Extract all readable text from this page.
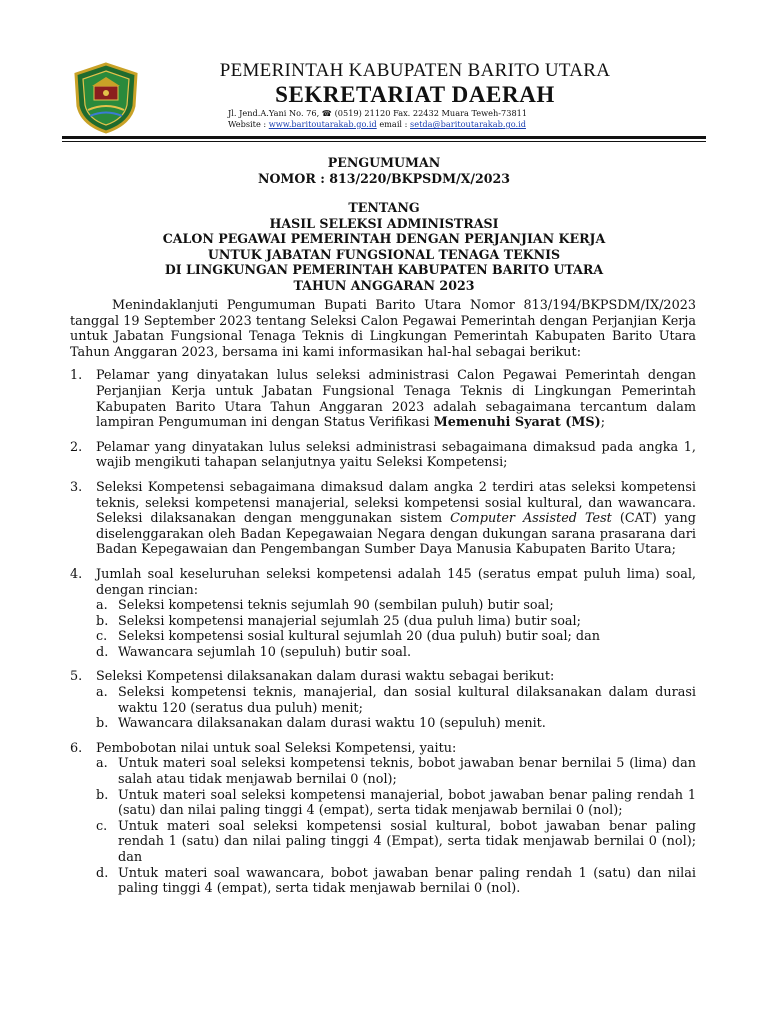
PEMERINTAH KABUPATEN BARITO UTARA
SEKRETARIAT DAERAH
Jl. Jend.A.Yani No. 76, ☎ (0519) 21120 Fax. 22432 Muara Teweh-73811
Website : www.baritoutarakab.go.id email : setda@baritoutarakab.go.id
PENGUMUMAN
NOMOR : 813/220/BKPSDM/X/2023
TENTANG
HASIL SELEKSI ADMINISTRASI
CALON PEGAWAI PEMERINTAH DENGAN PERJANJIAN KERJA
UNTUK JABATAN FUNGSIONAL TENAGA TEKNIS
DI LINGKUNGAN PEMERINTAH KABUPATEN BARITO UTARA
TAHUN ANGGARAN 2023

Menindaklanjuti Pengumuman Bupati Barito Utara Nomor 813/194/BKPSDM/IX/2023 tanggal 19 September 2023 tentang Seleksi Calon Pegawai Pemerintah dengan Perjanjian Kerja untuk Jabatan Fungsional Tenaga Teknis di Lingkungan Pemerintah Kabupaten Barito Utara Tahun Anggaran 2023, bersama ini kami informasikan hal-hal sebagai berikut:

1.	Pelamar yang dinyatakan lulus seleksi administrasi Calon Pegawai Pemerintah dengan Perjanjian Kerja untuk Jabatan Fungsional Tenaga Teknis di Lingkungan Pemerintah Kabupaten Barito Utara Tahun Anggaran 2023 adalah sebagaimana tercantum dalam lampiran Pengumuman ini dengan Status Verifikasi Memenuhi Syarat (MS);
2.	Pelamar yang dinyatakan lulus seleksi administrasi sebagaimana dimaksud pada angka 1, wajib mengikuti tahapan selanjutnya yaitu Seleksi Kompetensi;
3.	Seleksi Kompetensi sebagaimana dimaksud dalam angka 2 terdiri atas seleksi kompetensi teknis, seleksi kompetensi manajerial, seleksi kompetensi sosial kultural, dan wawancara. Seleksi dilaksanakan dengan menggunakan sistem Computer Assisted Test (CAT) yang diselenggarakan oleh Badan Kepegawaian Negara dengan dukungan sarana prasarana dari Badan Kepegawaian dan Pengembangan Sumber Daya Manusia Kabupaten Barito Utara;
4.	Jumlah soal keseluruhan seleksi kompetensi adalah 145 (seratus empat puluh lima) soal, dengan rincian:
a. Seleksi kompetensi teknis sejumlah 90 (sembilan puluh) butir soal;
b. Seleksi kompetensi manajerial sejumlah 25 (dua puluh lima) butir soal;
c. Seleksi kompetensi sosial kultural sejumlah 20 (dua puluh) butir soal; dan
d. Wawancara sejumlah 10 (sepuluh) butir soal.
5.	Seleksi Kompetensi dilaksanakan dalam durasi waktu sebagai berikut:
a. Seleksi kompetensi teknis, manajerial, dan sosial kultural dilaksanakan dalam durasi waktu 120 (seratus dua puluh) menit;
b. Wawancara dilaksanakan dalam durasi waktu 10 (sepuluh) menit.
6.	Pembobotan nilai untuk soal Seleksi Kompetensi, yaitu:
a. Untuk materi soal seleksi kompetensi teknis, bobot jawaban benar bernilai 5 (lima) dan salah atau tidak menjawab bernilai 0 (nol);
b. Untuk materi soal seleksi kompetensi manajerial, bobot jawaban benar paling rendah 1 (satu) dan nilai paling tinggi 4 (empat), serta tidak menjawab bernilai 0 (nol);
c. Untuk materi soal seleksi kompetensi sosial kultural, bobot jawaban benar paling rendah 1 (satu) dan nilai paling tinggi 4 (Empat), serta tidak menjawab bernilai 0 (nol); dan
d. Untuk materi soal wawancara, bobot jawaban benar paling rendah 1 (satu) dan nilai paling tinggi 4 (empat), serta tidak menjawab bernilai 0 (nol).
